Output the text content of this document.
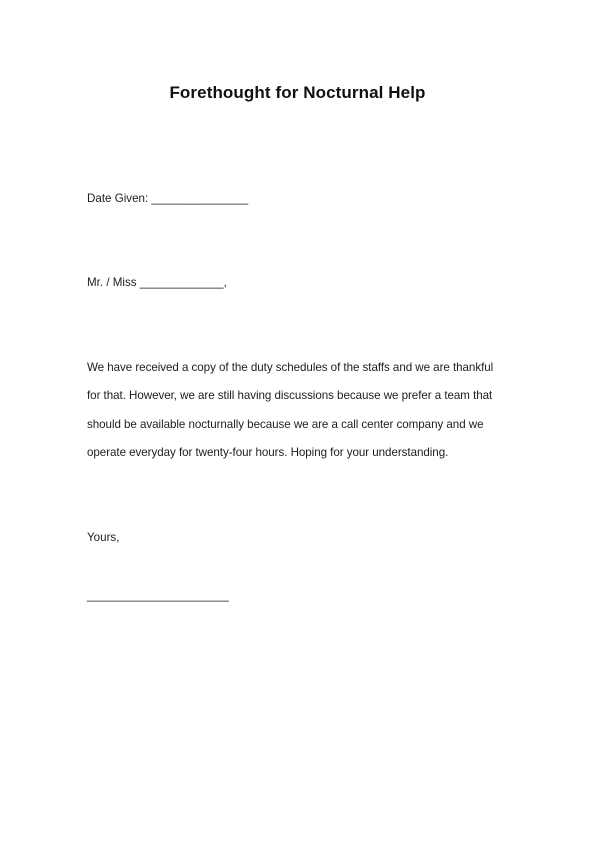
Forethought for Nocturnal Help
Date Given: _______________
Mr. / Miss _____________,
We have received a copy of the duty schedules of the staffs and we are thankful
for that. However, we are still having discussions because we prefer a team that
should be available nocturnally because we are a call center company and we
operate everyday for twenty-four hours. Hoping for your understanding.
Yours,
______________________
